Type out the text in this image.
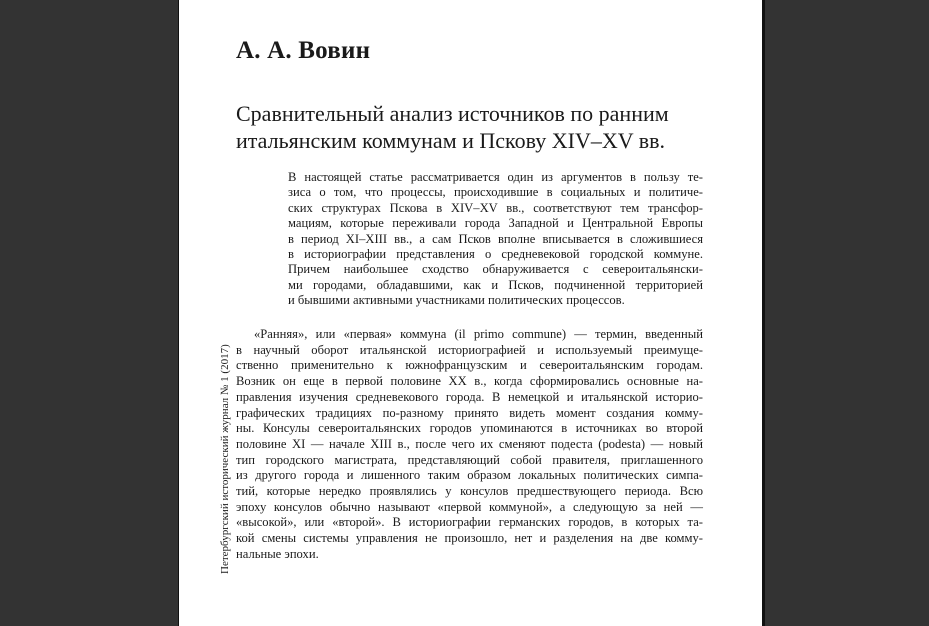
Петербургский исторический журнал № 1 (2017)
А. А. Вовин
Сравнительный анализ источников по ранним
итальянским коммунам и Пскову XIV–XV вв.
В настоящей статье рассматривается один из аргументов в пользу те-
зиса о том, что процессы, происходившие в социальных и политиче-
ских структурах Пскова в XIV–XV вв., соответствуют тем трансфор-
мациям, которые переживали города Западной и Центральной Европы
в период XI–XIII вв., а сам Псков вполне вписывается в сложившиеся
в историографии представления о средневековой городской коммуне.
Причем наибольшее сходство обнаруживается с североитальянски-
ми городами, обладавшими, как и Псков, подчиненной территорией
и бывшими активными участниками политических процессов.
«Ранняя», или «первая» коммуна (il primo commune) — термин, введенный
в научный оборот итальянской историографией и используемый преимуще-
ственно применительно к южнофранцузским и североитальянским городам.
Возник он еще в первой половине XX в., когда сформировались основные на-
правления изучения средневекового города. В немецкой и итальянской историо-
графических традициях по-разному принято видеть момент создания комму-
ны. Консулы североитальянских городов упоминаются в источниках во второй
половине XI — начале XIII в., после чего их сменяют подеста (podesta) — новый
тип городского магистрата, представляющий собой правителя, приглашенного
из другого города и лишенного таким образом локальных политических симпа-
тий, которые нередко проявлялись у консулов предшествующего периода. Всю
эпоху консулов обычно называют «первой коммуной», а следующую за ней —
«высокой», или «второй». В историографии германских городов, в которых та-
кой смены системы управления не произошло, нет и разделения на две комму-
нальные эпохи.
